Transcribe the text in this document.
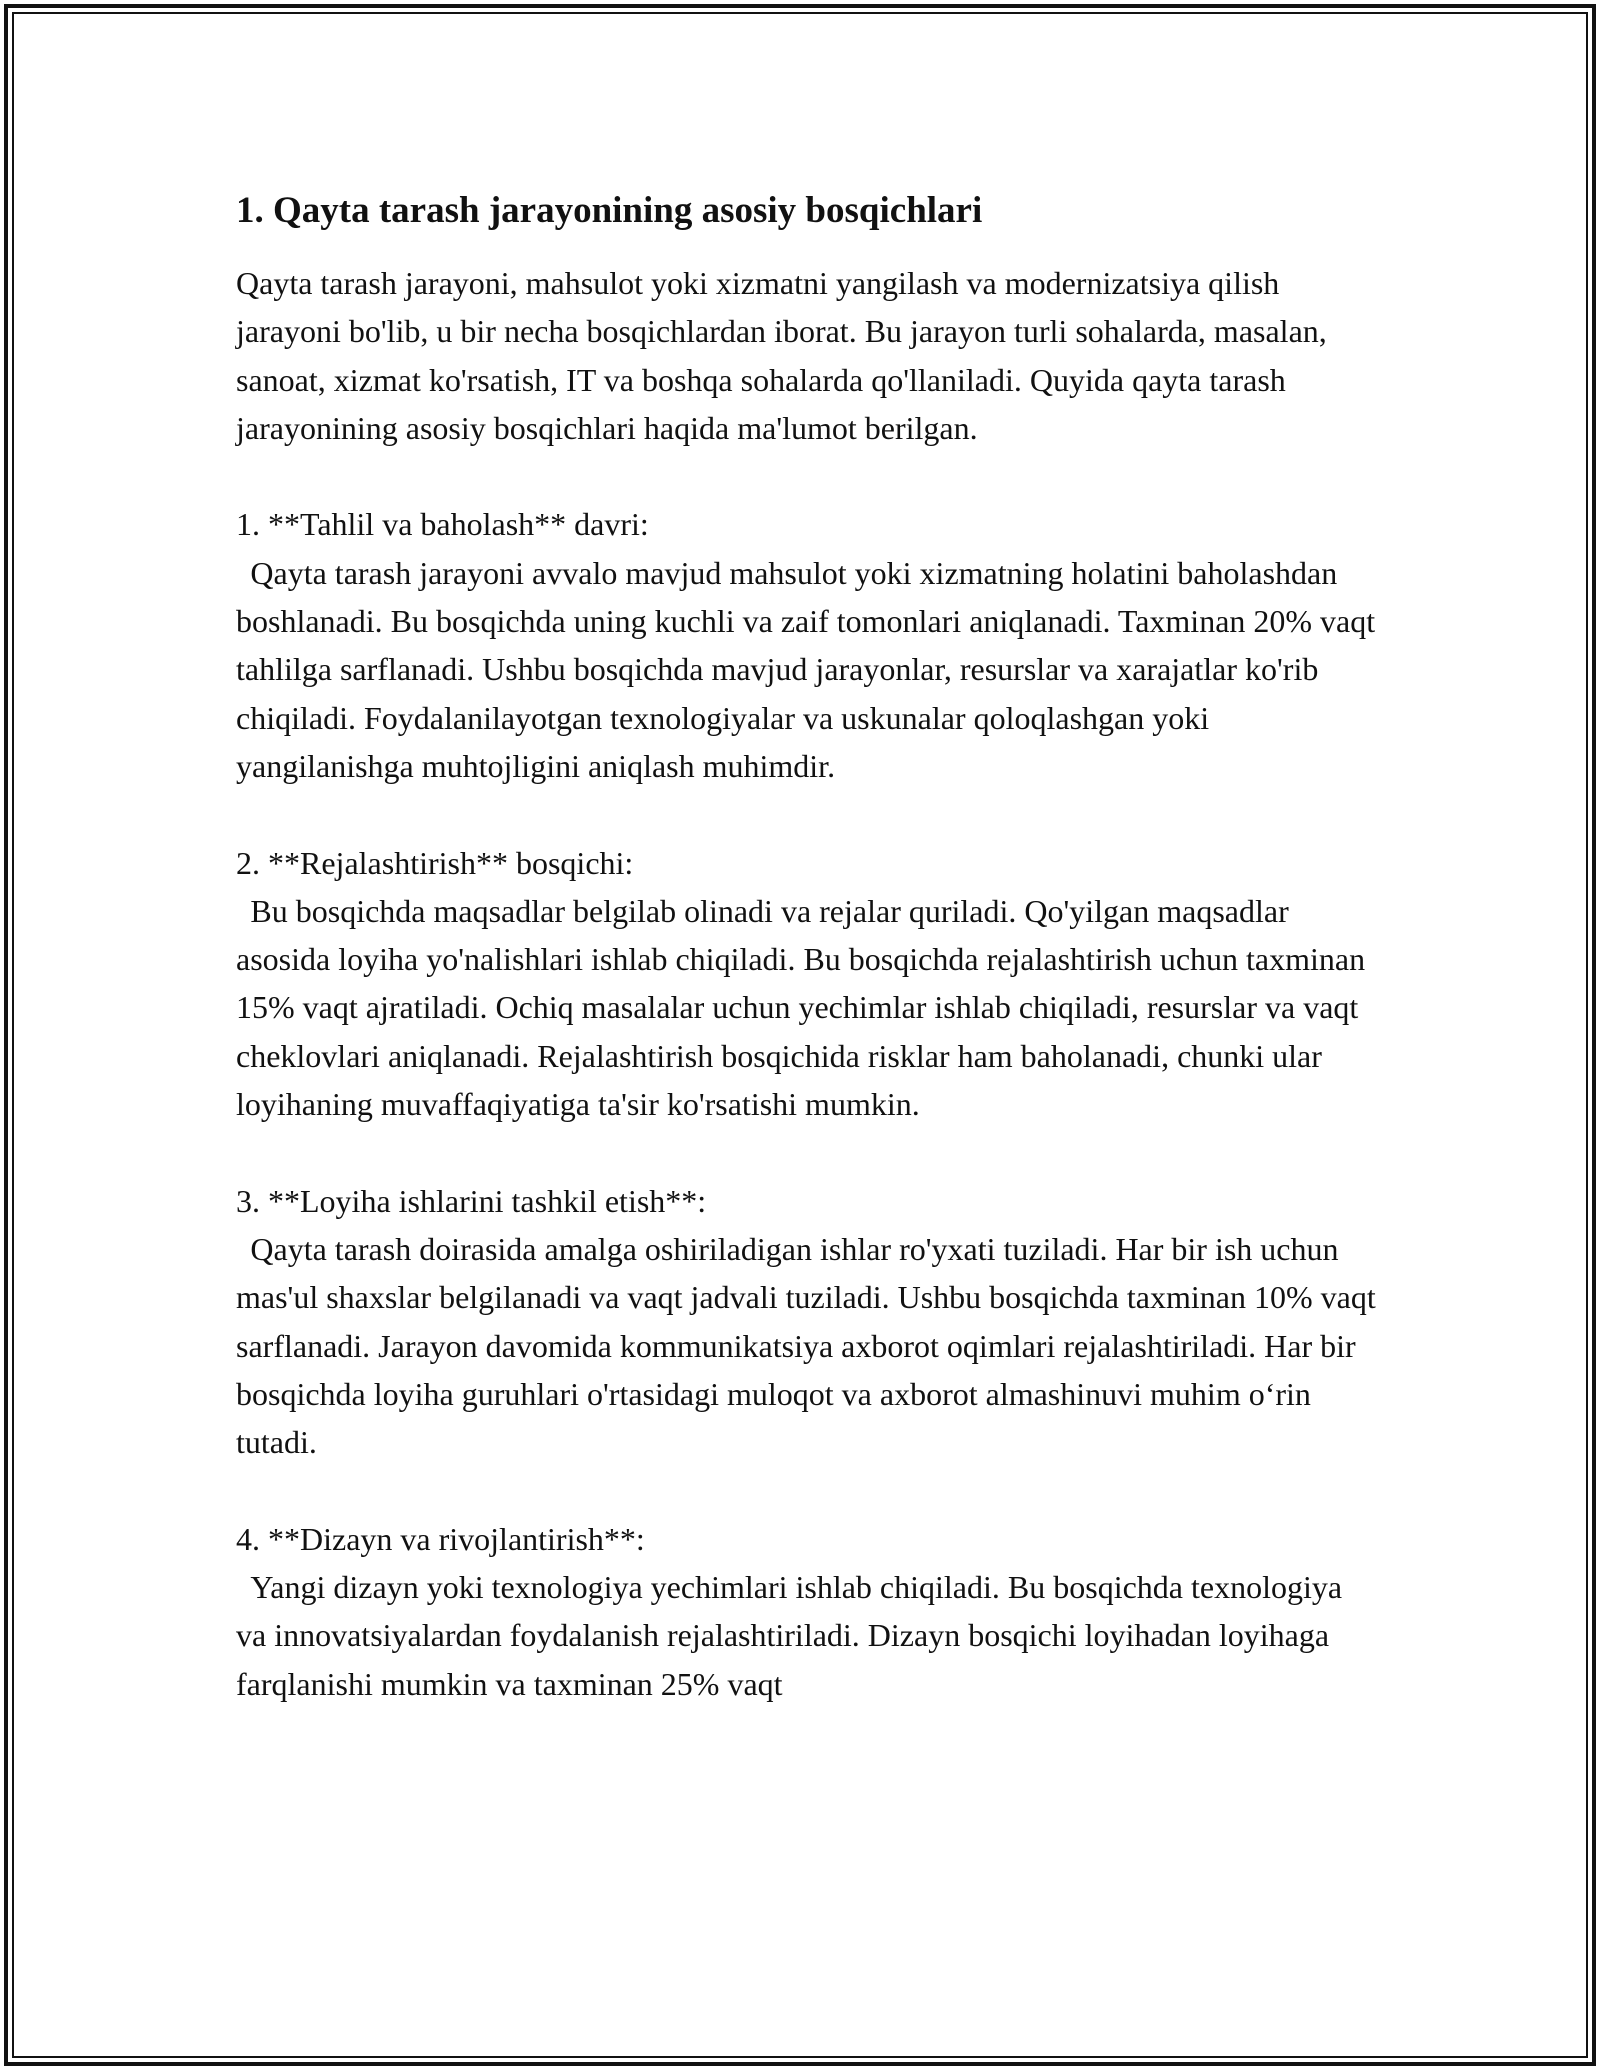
1. Qayta tarash jarayonining asosiy bosqichlari

Qayta tarash jarayoni, mahsulot yoki xizmatni yangilash va modernizatsiya qilish jarayoni bo'lib, u bir necha bosqichlardan iborat. Bu jarayon turli sohalarda, masalan, sanoat, xizmat ko'rsatish, IT va boshqa sohalarda qo'llaniladi. Quyida qayta tarash jarayonining asosiy bosqichlari haqida ma'lumot berilgan.

1. **Tahlil va baholash** davri:

Qayta tarash jarayoni avvalo mavjud mahsulot yoki xizmatning holatini baholashdan boshlanadi. Bu bosqichda uning kuchli va zaif tomonlari aniqlanadi. Taxminan 20% vaqt tahlilga sarflanadi. Ushbu bosqichda mavjud jarayonlar, resurslar va xarajatlar ko'rib chiqiladi. Foydalanilayotgan texnologiyalar va uskunalar qoloqlashgan yoki yangilanishga muhtojligini aniqlash muhimdir.

2. **Rejalashtirish** bosqichi:

Bu bosqichda maqsadlar belgilab olinadi va rejalar quriladi. Qo'yilgan maqsadlar asosida loyiha yo'nalishlari ishlab chiqiladi. Bu bosqichda rejalashtirish uchun taxminan 15% vaqt ajratiladi. Ochiq masalalar uchun yechimlar ishlab chiqiladi, resurslar va vaqt cheklovlari aniqlanadi. Rejalashtirish bosqichida risklar ham baholanadi, chunki ular loyihaning muvaffaqiyatiga ta'sir ko'rsatishi mumkin.

3. **Loyiha ishlarini tashkil etish**:

Qayta tarash doirasida amalga oshiriladigan ishlar ro'yxati tuziladi. Har bir ish uchun mas'ul shaxslar belgilanadi va vaqt jadvali tuziladi. Ushbu bosqichda taxminan 10% vaqt sarflanadi. Jarayon davomida kommunikatsiya axborot oqimlari rejalashtiriladi. Har bir bosqichda loyiha guruhlari o'rtasidagi muloqot va axborot almashinuvi muhim o‘rin tutadi.

4. **Dizayn va rivojlantirish**:

Yangi dizayn yoki texnologiya yechimlari ishlab chiqiladi. Bu bosqichda texnologiya va innovatsiyalardan foydalanish rejalashtiriladi. Dizayn bosqichi loyihadan loyihaga farqlanishi mumkin va taxminan 25% vaqt
